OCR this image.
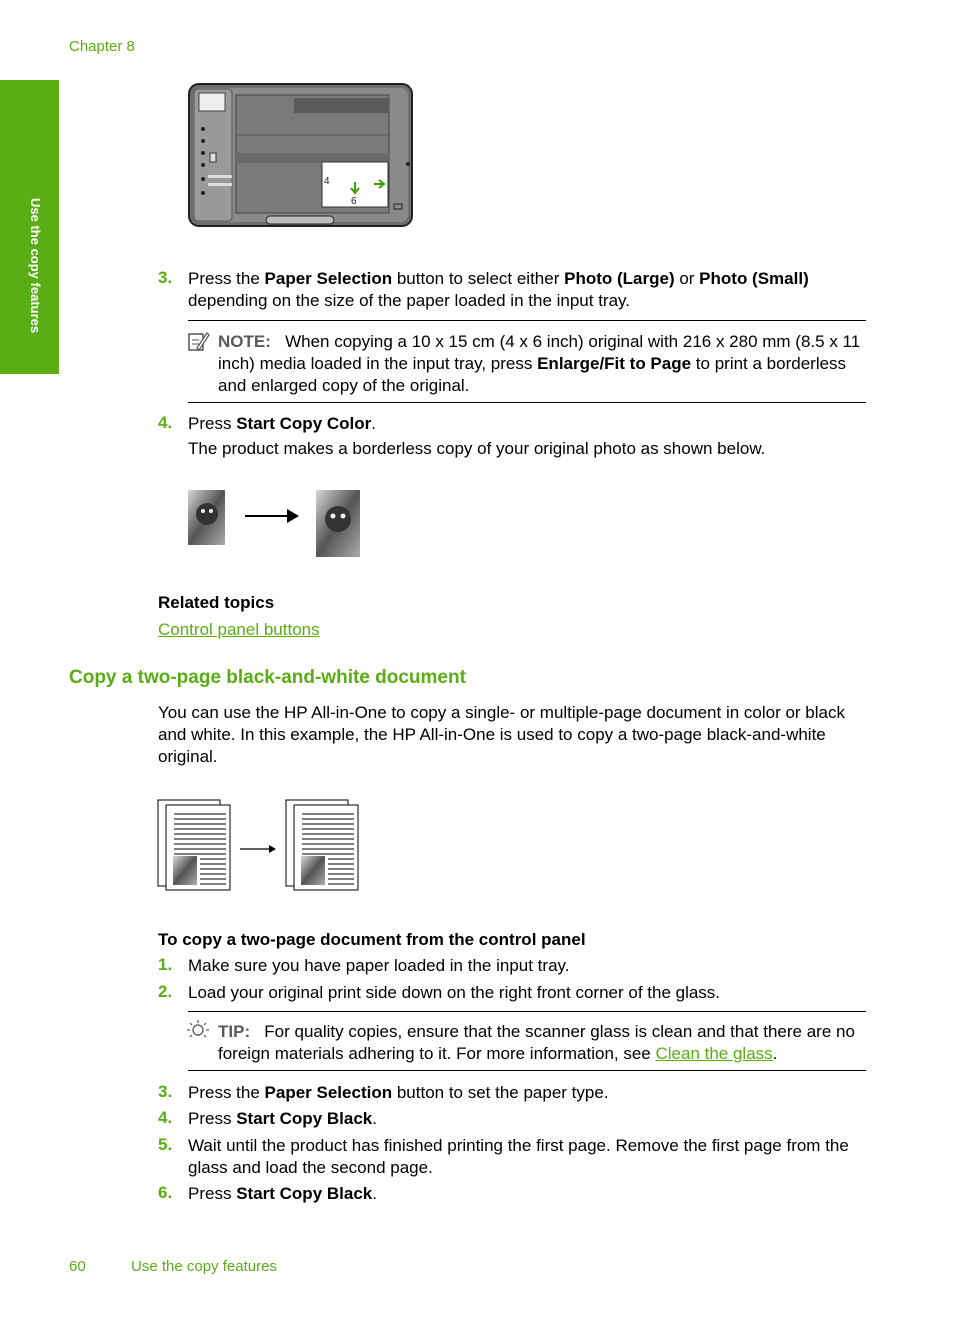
Chapter 8
Use the copy features
4
6
3. Press the Paper Selection button to select either Photo (Large) or Photo (Small) depending on the size of the paper loaded in the input tray.
NOTE: When copying a 10 x 15 cm (4 x 6 inch) original with 216 x 280 mm (8.5 x 11 inch) media loaded in the input tray, press Enlarge/Fit to Page to print a borderless and enlarged copy of the original.
4. Press Start Copy Color.
The product makes a borderless copy of your original photo as shown below.
Related topics
Control panel buttons
Copy a two-page black-and-white document
You can use the HP All-in-One to copy a single- or multiple-page document in color or black and white. In this example, the HP All-in-One is used to copy a two-page black-and-white original.
To copy a two-page document from the control panel
1. Make sure you have paper loaded in the input tray.
2. Load your original print side down on the right front corner of the glass.
TIP: For quality copies, ensure that the scanner glass is clean and that there are no foreign materials adhering to it. For more information, see Clean the glass.
3. Press the Paper Selection button to set the paper type.
4. Press Start Copy Black.
5. Wait until the product has finished printing the first page. Remove the first page from the glass and load the second page.
6. Press Start Copy Black.
60	Use the copy features
